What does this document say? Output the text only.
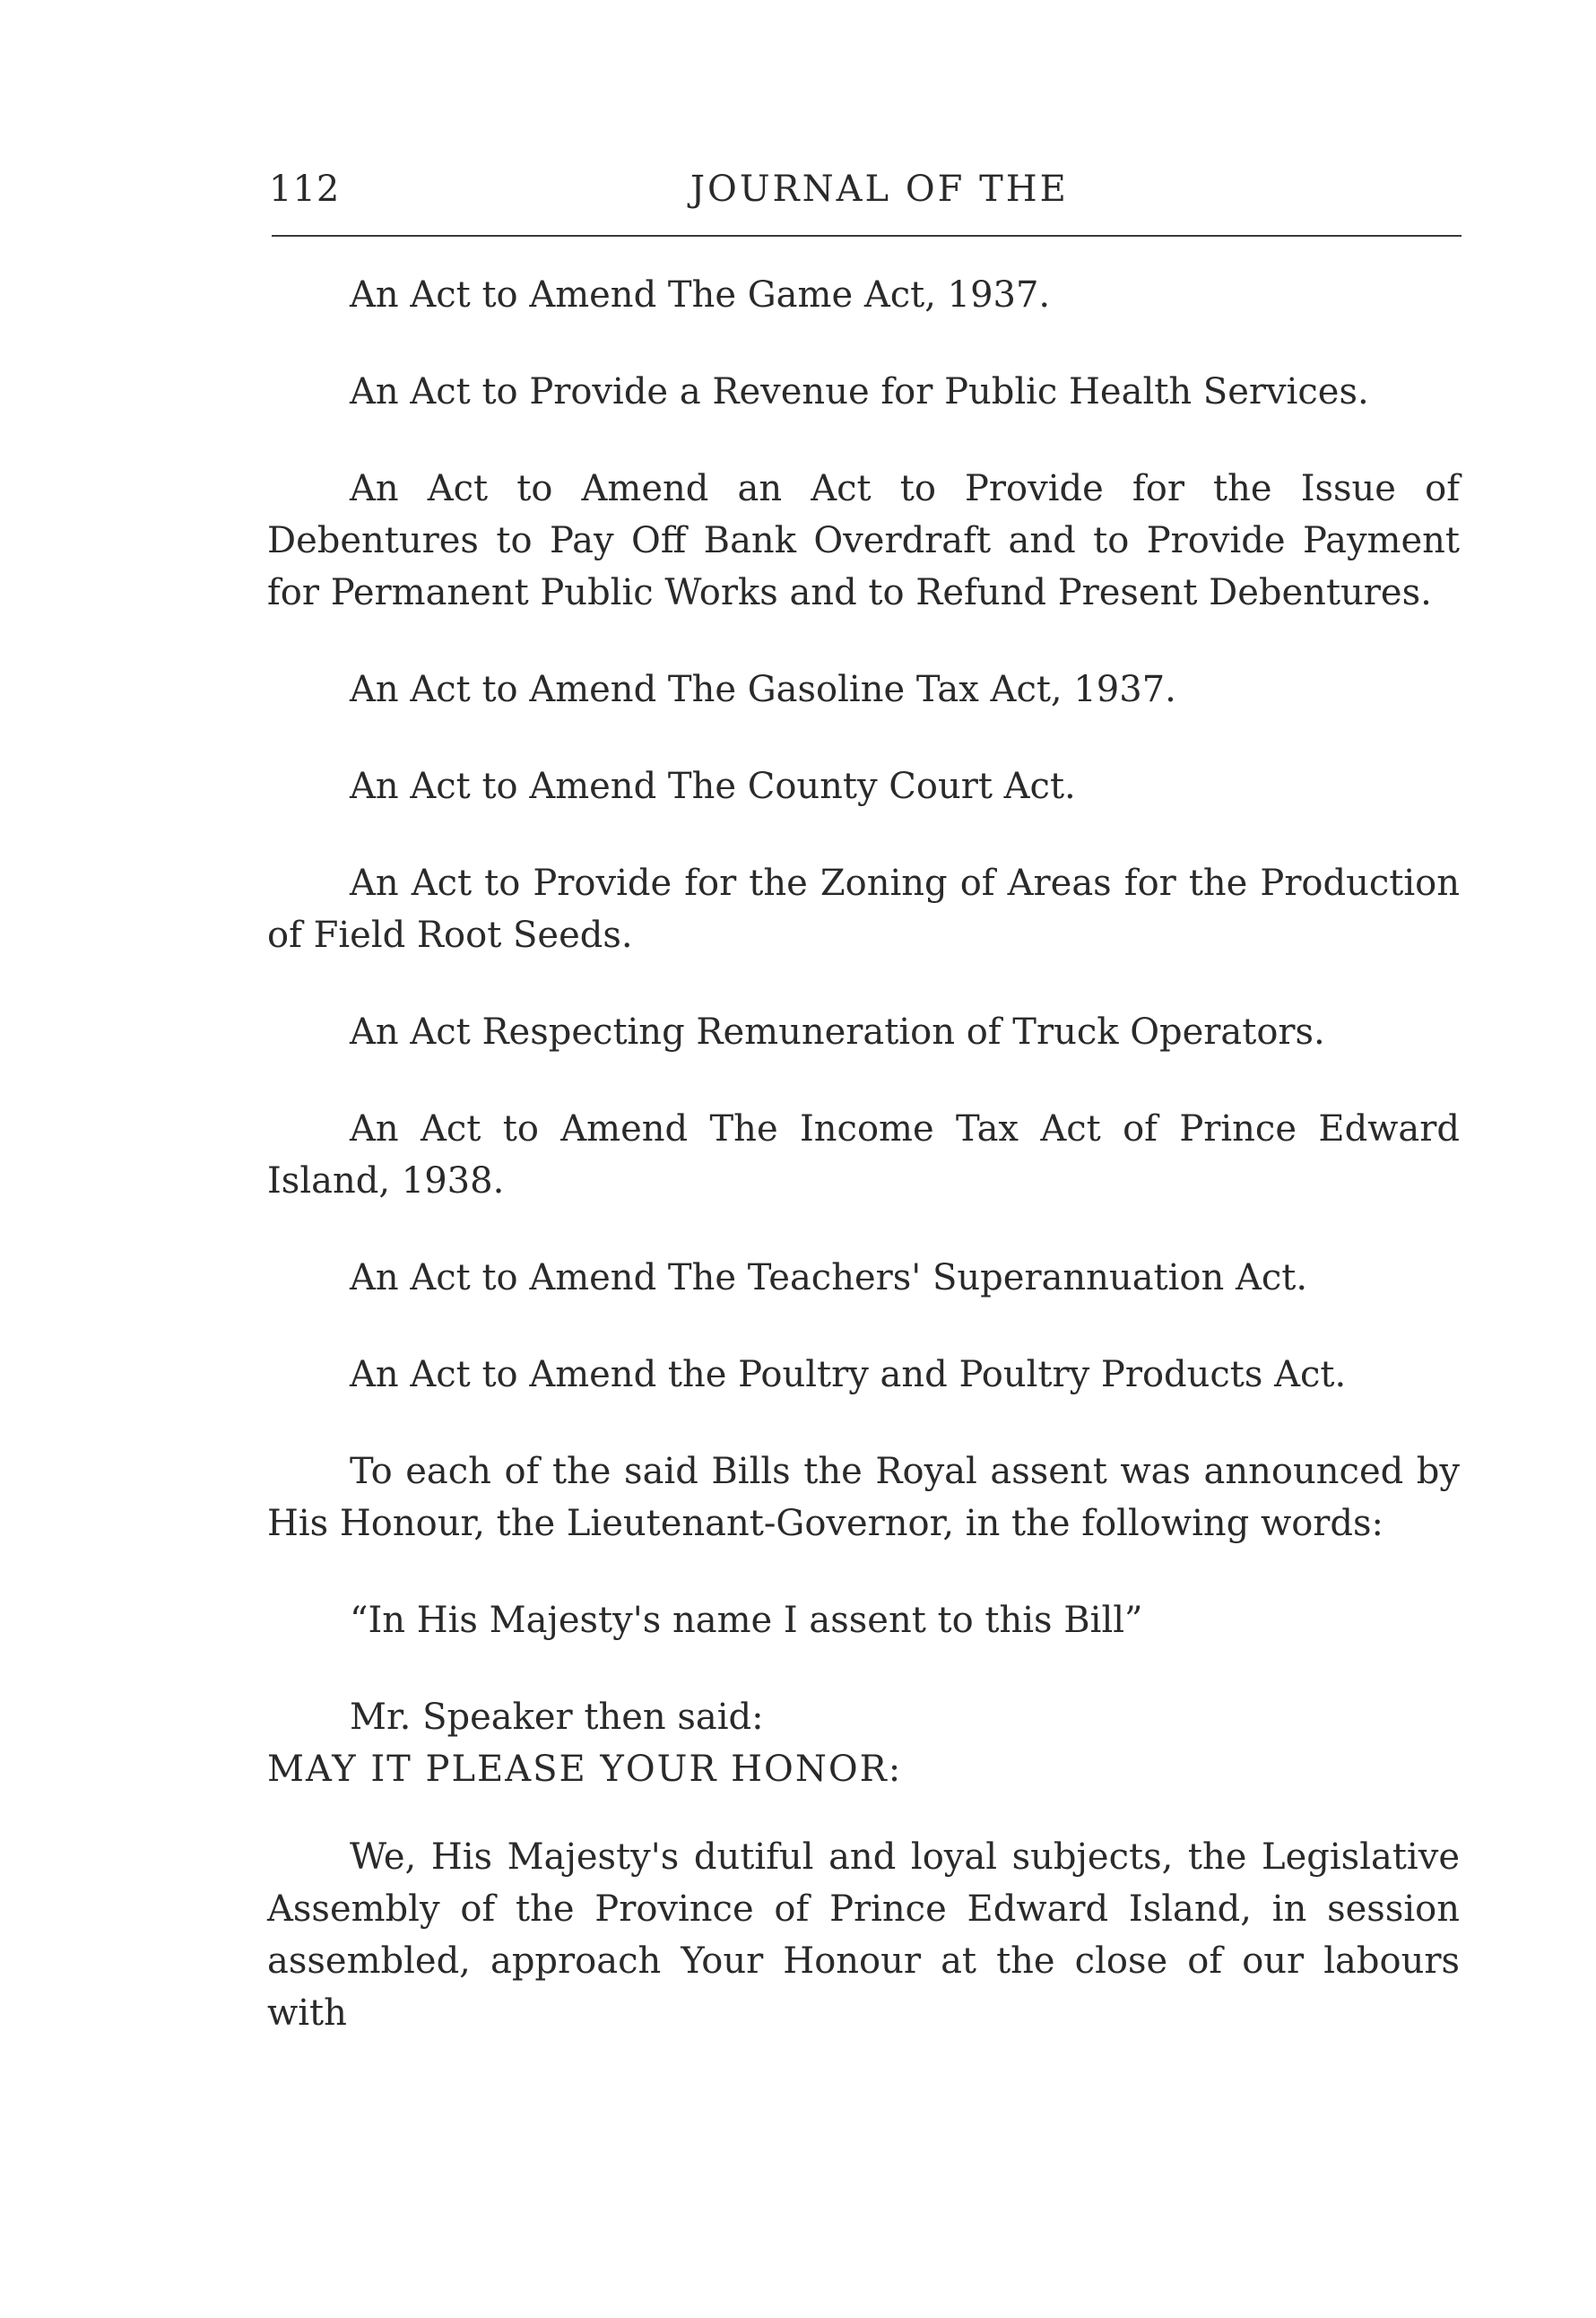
112	JOURNAL OF THE

An Act to Amend The Game Act, 1937.

An Act to Provide a Revenue for Public Health Services.

An Act to Amend an Act to Provide for the Issue of Debentures to Pay Off Bank Overdraft and to Provide Payment for Permanent Public Works and to Refund Present Debentures.

An Act to Amend The Gasoline Tax Act, 1937.

An Act to Amend The County Court Act.

An Act to Provide for the Zoning of Areas for the Production of Field Root Seeds.

An Act Respecting Remuneration of Truck Operators.

An Act to Amend The Income Tax Act of Prince Edward Island, 1938.

An Act to Amend The Teachers' Superannuation Act.

An Act to Amend the Poultry and Poultry Products Act.

To each of the said Bills the Royal assent was announced by His Honour, the Lieutenant-Governor, in the following words:

“In His Majesty's name I assent to this Bill”

Mr. Speaker then said:

MAY IT PLEASE YOUR HONOR:

We, His Majesty's dutiful and loyal subjects, the Legislative Assembly of the Province of Prince Edward Island, in session assembled, approach Your Honour at the close of our labours with
